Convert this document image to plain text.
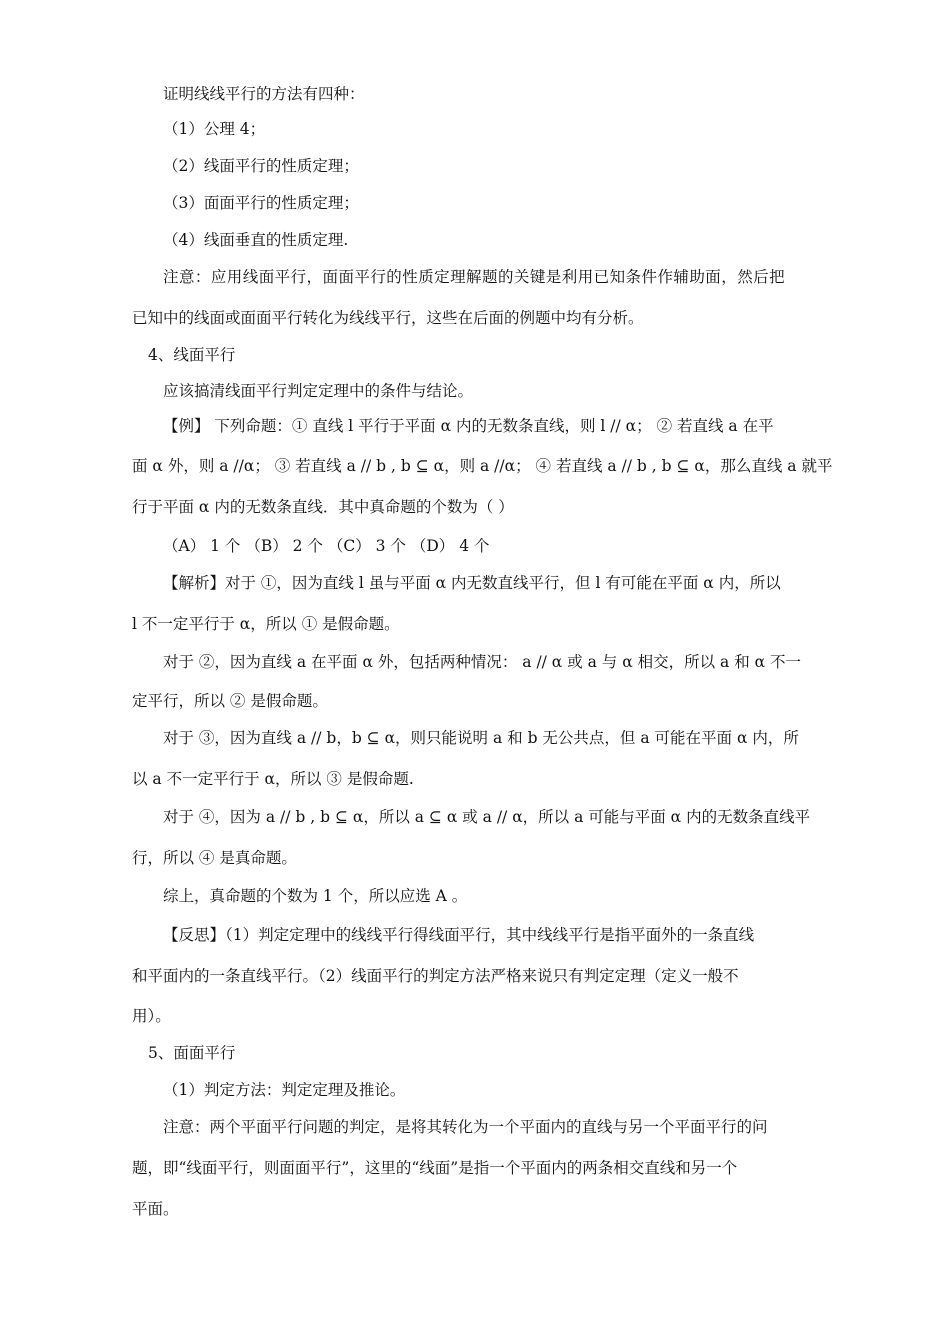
证明线线平行的方法有四种：
（1）公理 4；
（2）线面平行的性质定理；
（3）面面平行的性质定理；
（4）线面垂直的性质定理.
注意：应用线面平行，面面平行的性质定理解题的关键是利用已知条件作辅助面，然后把
已知中的线面或面面平行转化为线线平行，这些在后面的例题中均有分析。
4、线面平行
应该搞清线面平行判定定理中的条件与结论。
【例】 下列命题：① 直线 l 平行于平面 α 内的无数条直线，则 l // α； ② 若直线 a 在平
面 α 外，则 a //α； ③ 若直线 a // b , b ⊆ α，则 a //α； ④ 若直线 a // b , b ⊆ α，那么直线 a 就平
行于平面 α 内的无数条直线．其中真命题的个数为（ ）
（A） 1 个 （B） 2 个 （C） 3 个 （D） 4 个
【解析】对于 ①，因为直线 l 虽与平面 α 内无数直线平行，但 l 有可能在平面 α 内，所以
l 不一定平行于 α，所以 ① 是假命题。
对于 ②，因为直线 a 在平面 α 外，包括两种情况： a // α 或 a 与 α 相交，所以 a 和 α 不一
定平行，所以 ② 是假命题。
对于 ③，因为直线 a // b，b ⊆ α，则只能说明 a 和 b 无公共点，但 a 可能在平面 α 内，所
以 a 不一定平行于 α，所以 ③ 是假命题.
对于 ④，因为 a // b , b ⊆ α，所以 a ⊆ α 或 a // α，所以 a 可能与平面 α 内的无数条直线平
行，所以 ④ 是真命题。
综上，真命题的个数为 1 个，所以应选 A 。
【反思】（1）判定定理中的线线平行得线面平行，其中线线平行是指平面外的一条直线
和平面内的一条直线平行。（2）线面平行的判定方法严格来说只有判定定理（定义一般不
用）。
5、面面平行
（1）判定方法：判定定理及推论。
注意：两个平面平行问题的判定，是将其转化为一个平面内的直线与另一个平面平行的问
题，即“线面平行，则面面平行”，这里的“线面”是指一个平面内的两条相交直线和另一个
平面。
